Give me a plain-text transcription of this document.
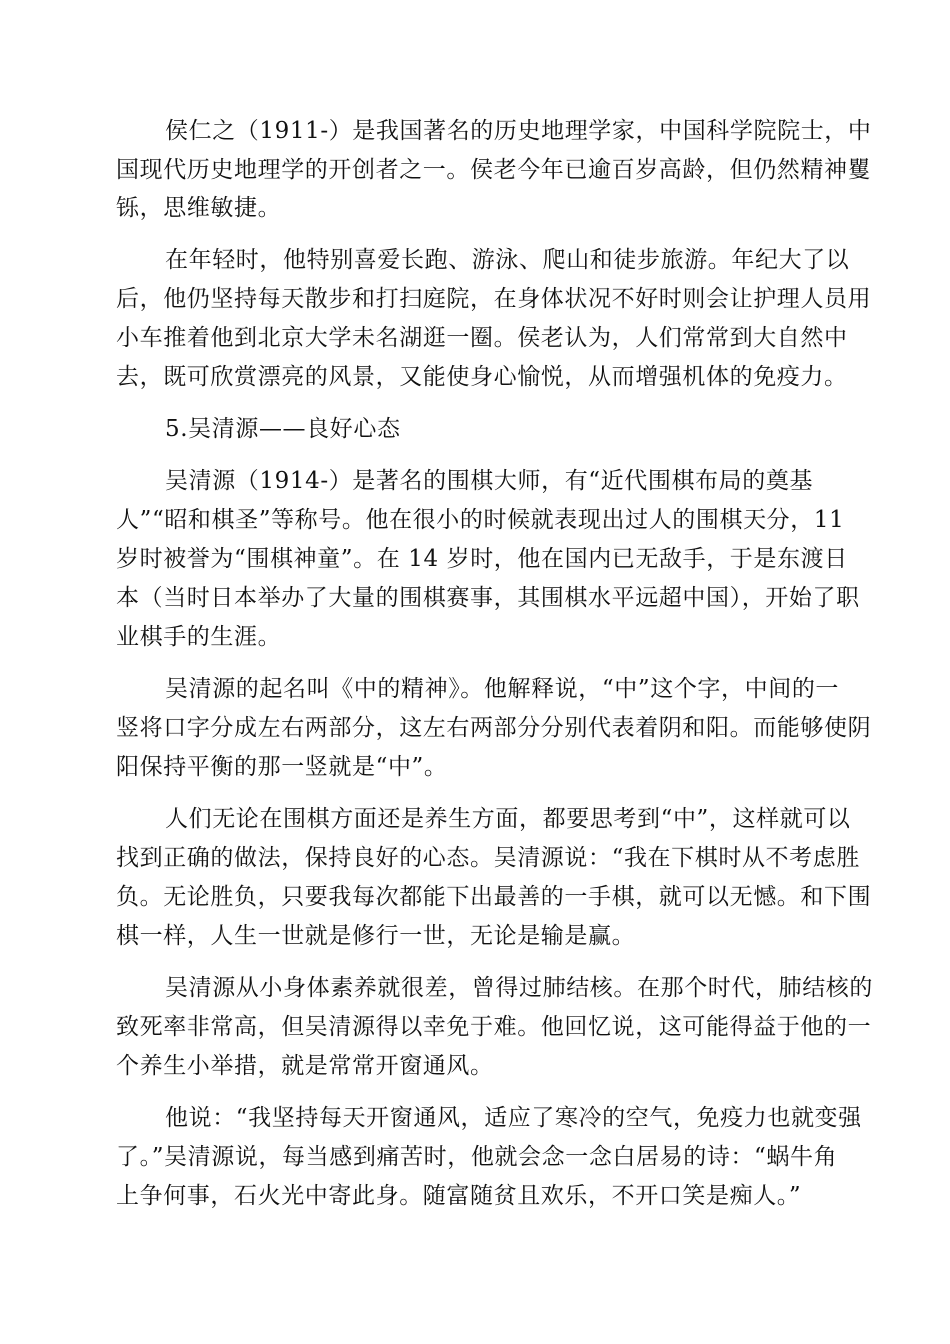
侯仁之（1911-）是我国著名的历史地理学家，中国科学院院士，中
国现代历史地理学的开创者之一。侯老今年已逾百岁高龄，但仍然精神矍
铄，思维敏捷。
在年轻时，他特别喜爱长跑、游泳、爬山和徒步旅游。年纪大了以
后，他仍坚持每天散步和打扫庭院，在身体状况不好时则会让护理人员用
小车推着他到北京大学未名湖逛一圈。侯老认为，人们常常到大自然中
去，既可欣赏漂亮的风景，又能使身心愉悦，从而增强机体的免疫力。
5.吴清源——良好心态
吴清源（1914-）是著名的围棋大师，有“近代围棋布局的奠基
人”“昭和棋圣”等称号。他在很小的时候就表现出过人的围棋天分，11
岁时被誉为“围棋神童”。在 14 岁时，他在国内已无敌手，于是东渡日
本（当时日本举办了大量的围棋赛事，其围棋水平远超中国），开始了职
业棋手的生涯。
吴清源的起名叫《中的精神》。他解释说，“中”这个字，中间的一
竖将口字分成左右两部分，这左右两部分分别代表着阴和阳。而能够使阴
阳保持平衡的那一竖就是“中”。
人们无论在围棋方面还是养生方面，都要思考到“中”，这样就可以
找到正确的做法，保持良好的心态。吴清源说：“我在下棋时从不考虑胜
负。无论胜负，只要我每次都能下出最善的一手棋，就可以无憾。和下围
棋一样，人生一世就是修行一世，无论是输是赢。
吴清源从小身体素养就很差，曾得过肺结核。在那个时代，肺结核的
致死率非常高，但吴清源得以幸免于难。他回忆说，这可能得益于他的一
个养生小举措，就是常常开窗通风。
他说：“我坚持每天开窗通风，适应了寒冷的空气，免疫力也就变强
了。”吴清源说，每当感到痛苦时，他就会念一念白居易的诗：“蜗牛角
上争何事，石火光中寄此身。随富随贫且欢乐，不开口笑是痴人。”
